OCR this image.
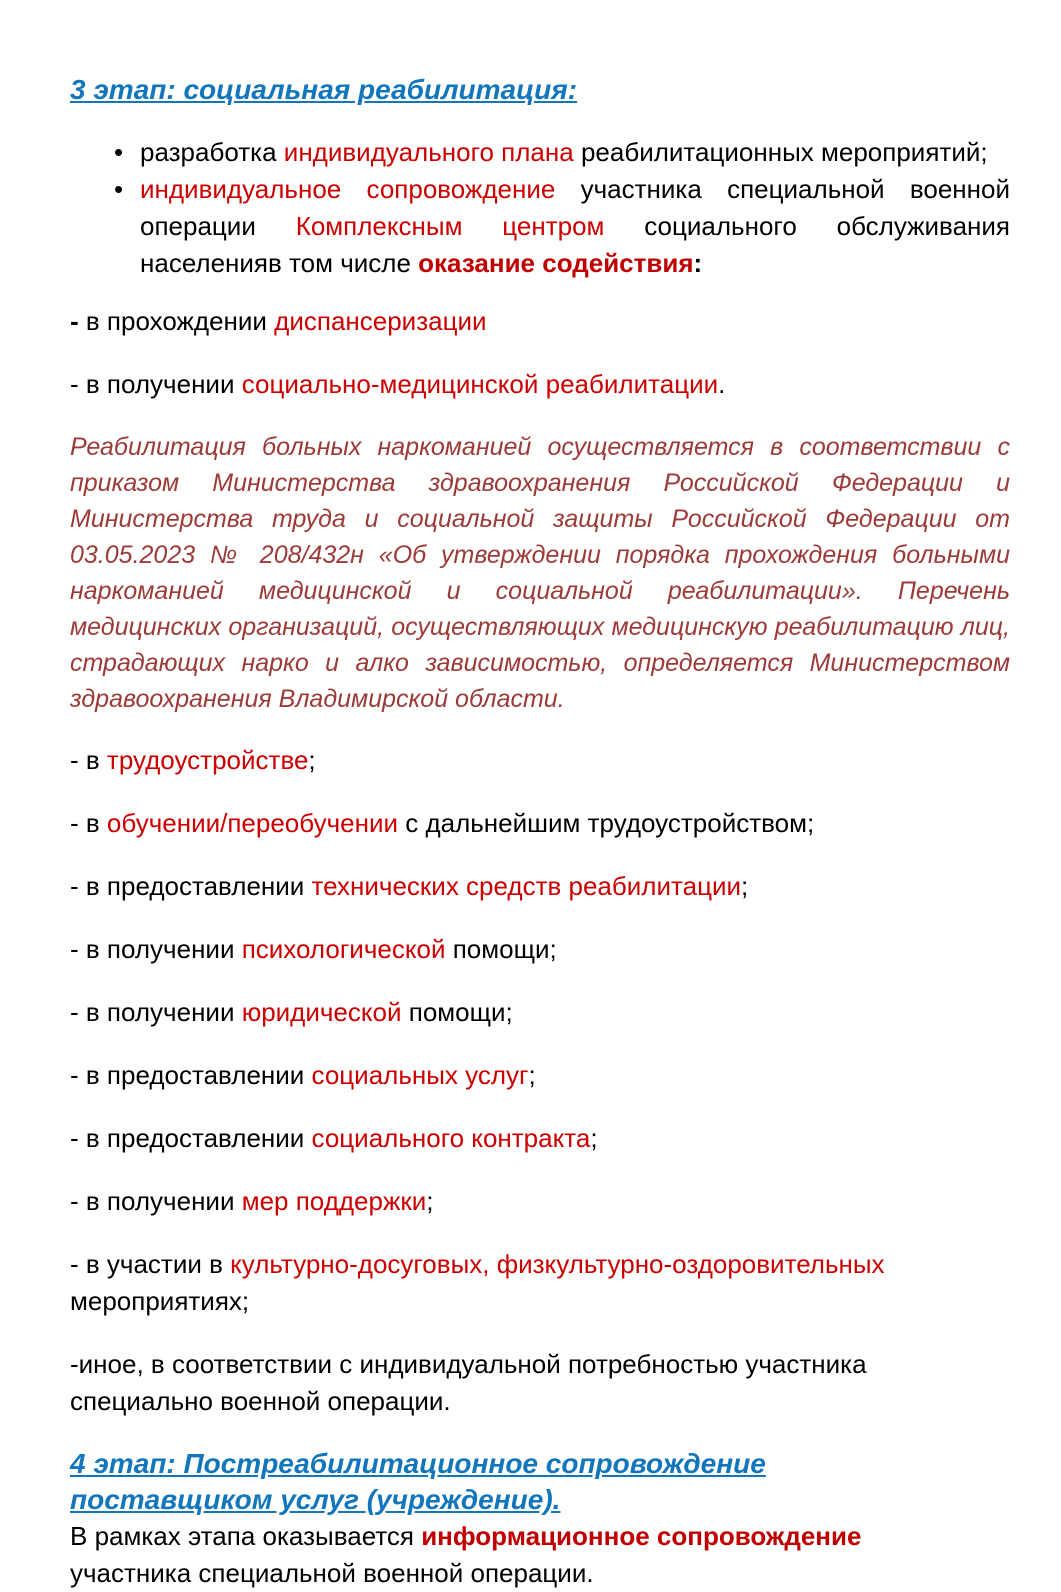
3 этап: социальная реабилитация:
• разработка индивидуального плана реабилитационных мероприятий;
• индивидуальное сопровождение участника специальной военной операции Комплексным центром социального обслуживания населенияв том числе оказание содействия:

- в прохождении диспансеризации

- в получении социально-медицинской реабилитации.

Реабилитация больных наркоманией осуществляется в соответствии с приказом Министерства здравоохранения Российской Федерации и Министерства труда и социальной защиты Российской Федерации от 03.05.2023 № 208/432н «Об утверждении порядка прохождения больными наркоманией медицинской и социальной реабилитации». Перечень медицинских организаций, осуществляющих медицинскую реабилитацию лиц, страдающих нарко и алко зависимостью, определяется Министерством здравоохранения Владимирской области.

- в трудоустройстве;

- в обучении/переобучении с дальнейшим трудоустройством;

- в предоставлении технических средств реабилитации;

- в получении психологической помощи;

- в получении юридической помощи;

- в предоставлении социальных услуг;

- в предоставлении социального контракта;

- в получении мер поддержки;

- в участии в культурно-досуговых, физкультурно-оздоровительных мероприятиях;

-иное, в соответствии с индивидуальной потребностью участника специально военной операции.

4 этап: Постреабилитационное сопровождение поставщиком услуг (учреждение).

В рамках этапа оказывается информационное сопровождение участника специальной военной операции.
